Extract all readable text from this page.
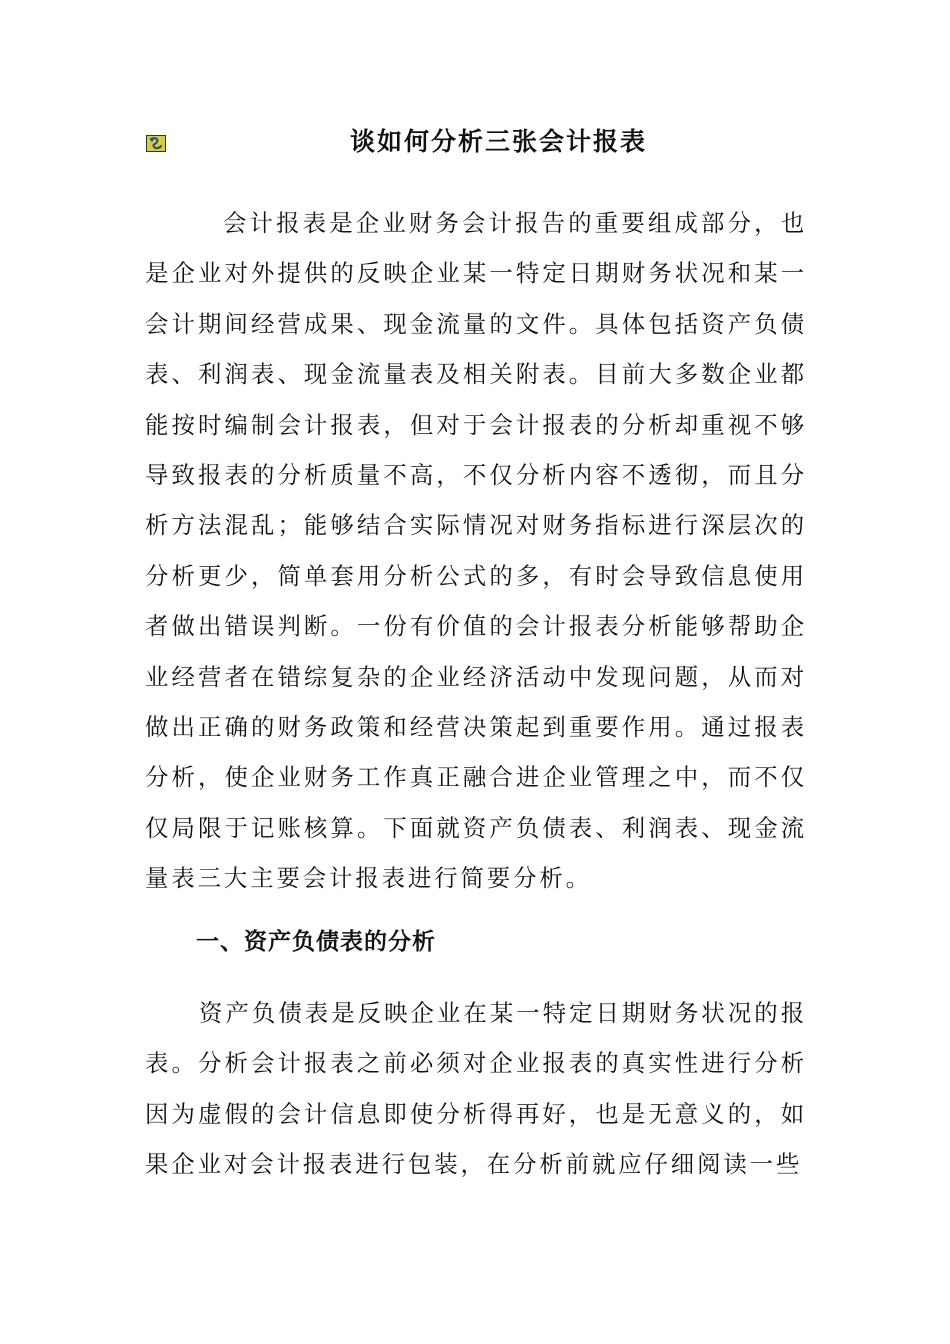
谈如何分析三张会计报表

会计报表是企业财务会计报告的重要组成部分，也是企业对外提供的反映企业某一特定日期财务状况和某一会计期间经营成果、现金流量的文件。具体包括资产负债表、利润表、现金流量表及相关附表。目前大多数企业都能按时编制会计报表，但对于会计报表的分析却重视不够导致报表的分析质量不高，不仅分析内容不透彻，而且分析方法混乱；能够结合实际情况对财务指标进行深层次的分析更少，简单套用分析公式的多，有时会导致信息使用者做出错误判断。一份有价值的会计报表分析能够帮助企业经营者在错综复杂的企业经济活动中发现问题，从而对做出正确的财务政策和经营决策起到重要作用。通过报表分析，使企业财务工作真正融合进企业管理之中，而不仅仅局限于记账核算。下面就资产负债表、利润表、现金流量表三大主要会计报表进行简要分析。

一、资产负债表的分析

资产负债表是反映企业在某一特定日期财务状况的报表。分析会计报表之前必须对企业报表的真实性进行分析因为虚假的会计信息即使分析得再好，也是无意义的，如果企业对会计报表进行包装，在分析前就应仔细阅读一些
